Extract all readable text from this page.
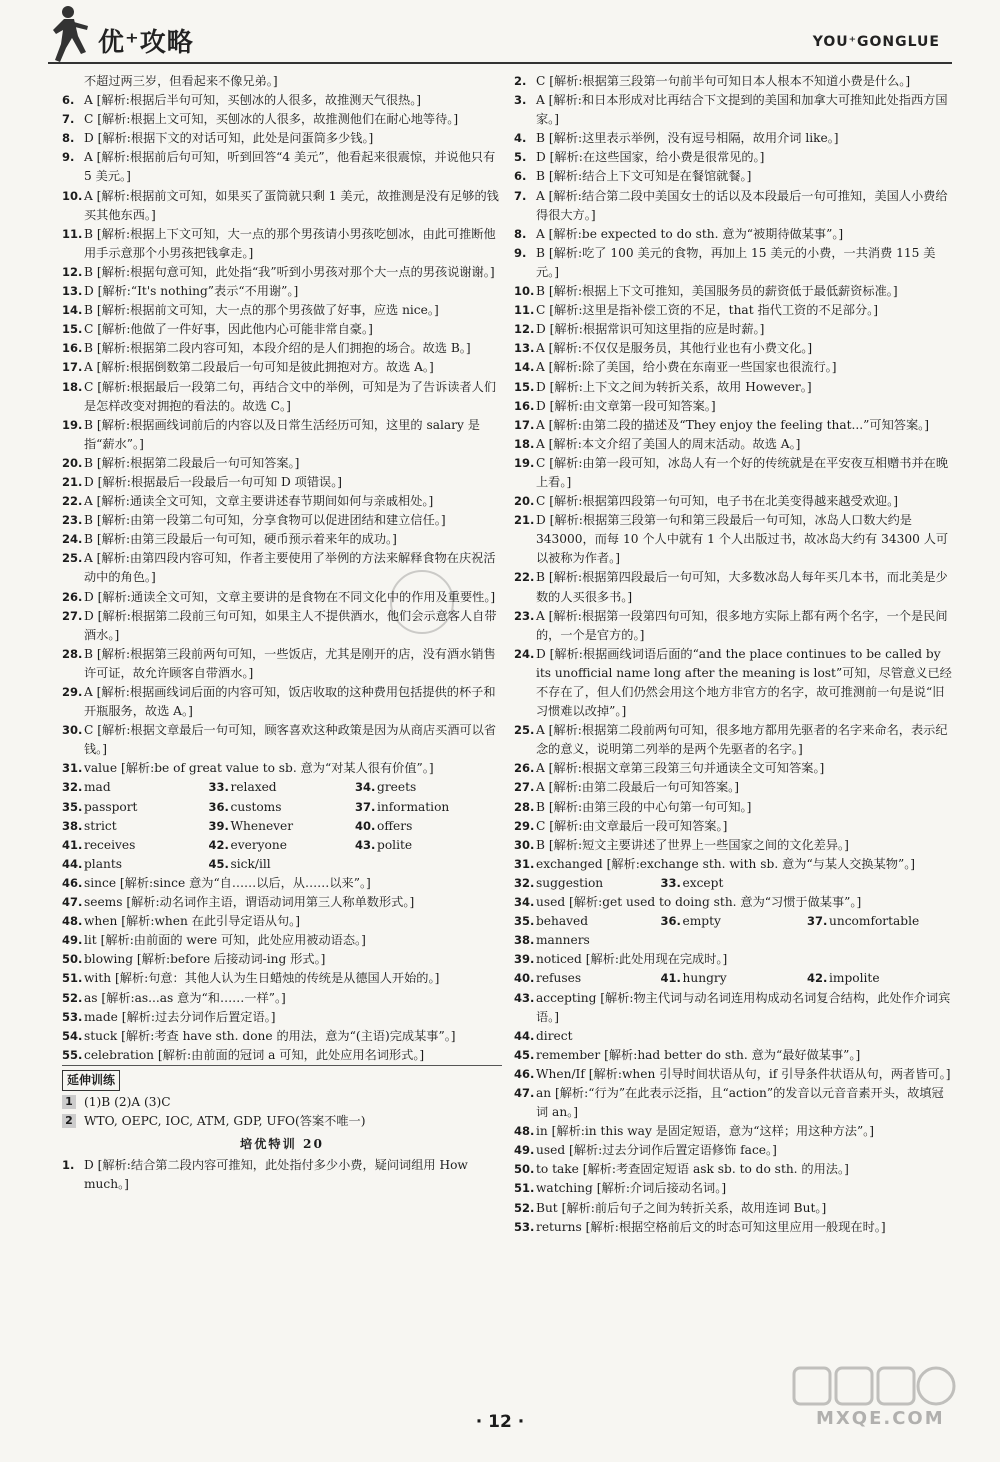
优⁺攻略	YOU⁺GONGLUE
不超过两三岁，但看起来不像兄弟。]
6. A [解析:根据后半句可知，买刨冰的人很多，故推测天气很热。]
7. C [解析:根据上文可知，买刨冰的人很多，故推测他们在耐心地等待。]
8. D [解析:根据下文的对话可知，此处是问蛋筒多少钱。]
9. A [解析:根据前后句可知，听到回答“4 美元”，他看起来很震惊，并说他只有 5 美元。]
10. A [解析:根据前文可知，如果买了蛋筒就只剩 1 美元，故推测是没有足够的钱买其他东西。]
11. B [解析:根据上下文可知，大一点的那个男孩请小男孩吃刨冰，由此可推断他用手示意那个小男孩把钱拿走。]
12. B [解析:根据句意可知，此处指“我”听到小男孩对那个大一点的男孩说谢谢。]
13. D [解析:“It's nothing”表示“不用谢”。]
14. B [解析:根据前文可知，大一点的那个男孩做了好事，应选 nice。]
15. C [解析:他做了一件好事，因此他内心可能非常自豪。]
16. B [解析:根据第二段内容可知，本段介绍的是人们拥抱的场合。故选 B。]
17. A [解析:根据倒数第二段最后一句可知是彼此拥抱对方。故选 A。]
18. C [解析:根据最后一段第二句，再结合文中的举例，可知是为了告诉读者人们是怎样改变对拥抱的看法的。故选 C。]
19. B [解析:根据画线词前后的内容以及日常生活经历可知，这里的 salary 是指“薪水”。]
20. B [解析:根据第二段最后一句可知答案。]
21. D [解析:根据最后一段最后一句可知 D 项错误。]
22. A [解析:通读全文可知，文章主要讲述春节期间如何与亲戚相处。]
23. B [解析:由第一段第二句可知，分享食物可以促进团结和建立信任。]
24. B [解析:由第三段最后一句可知，硬币预示着来年的成功。]
25. A [解析:由第四段内容可知，作者主要使用了举例的方法来解释食物在庆祝活动中的角色。]
26. D [解析:通读全文可知，文章主要讲的是食物在不同文化中的作用及重要性。]
27. D [解析:根据第二段前三句可知，如果主人不提供酒水，他们会示意客人自带酒水。]
28. B [解析:根据第三段前两句可知，一些饭店，尤其是刚开的店，没有酒水销售许可证，故允许顾客自带酒水。]
29. A [解析:根据画线词后面的内容可知，饭店收取的这种费用包括提供的杯子和开瓶服务，故选 A。]
30. C [解析:根据文章最后一句可知，顾客喜欢这种政策是因为从商店买酒可以省钱。]
31. value [解析:be of great value to sb. 意为“对某人很有价值”。]
32. mad	33. relaxed	34. greets
35. passport	36. customs	37. information
38. strict	39. Whenever	40. offers
41. receives	42. everyone	43. polite
44. plants	45. sick/ill
46. since [解析:since 意为“自……以后，从……以来”。]
47. seems [解析:动名词作主语，谓语动词用第三人称单数形式。]
48. when [解析:when 在此引导定语从句。]
49. lit [解析:由前面的 were 可知，此处应用被动语态。]
50. blowing [解析:before 后接动词-ing 形式。]
51. with [解析:句意：其他人认为生日蜡烛的传统是从德国人开始的。]
52. as [解析:as...as 意为“和……一样”。]
53. made [解析:过去分词作后置定语。]
54. stuck [解析:考查 have sth. done 的用法，意为“(主语)完成某事”。]
55. celebration [解析:由前面的冠词 a 可知，此处应用名词形式。]
延伸训练
1 (1)B (2)A (3)C
2 WTO, OEPC, IOC, ATM, GDP, UFO(答案不唯一)
培优特训 20
1. D [解析:结合第二段内容可推知，此处指付多少小费，疑问词组用 How much。]
2. C [解析:根据第三段第一句前半句可知日本人根本不知道小费是什么。]
3. A [解析:和日本形成对比再结合下文提到的美国和加拿大可推知此处指西方国家。]
4. B [解析:这里表示举例，没有逗号相隔，故用介词 like。]
5. D [解析:在这些国家，给小费是很常见的。]
6. B [解析:结合上下文可知是在餐馆就餐。]
7. A [解析:结合第二段中美国女士的话以及本段最后一句可推知，美国人小费给得很大方。]
8. A [解析:be expected to do sth. 意为“被期待做某事”。]
9. B [解析:吃了 100 美元的食物，再加上 15 美元的小费，一共消费 115 美元。]
10. B [解析:根据上下文可推知，美国服务员的薪资低于最低薪资标准。]
11. C [解析:这里是指补偿工资的不足，that 指代工资的不足部分。]
12. D [解析:根据常识可知这里指的应是时薪。]
13. A [解析:不仅仅是服务员，其他行业也有小费文化。]
14. A [解析:除了美国，给小费在东南亚一些国家也很流行。]
15. D [解析:上下文之间为转折关系，故用 However。]
16. D [解析:由文章第一段可知答案。]
17. A [解析:由第二段的描述及“They enjoy the feeling that...”可知答案。]
18. A [解析:本文介绍了美国人的周末活动。故选 A。]
19. C [解析:由第一段可知，冰岛人有一个好的传统就是在平安夜互相赠书并在晚上看。]
20. C [解析:根据第四段第一句可知，电子书在北美变得越来越受欢迎。]
21. D [解析:根据第三段第一句和第三段最后一句可知，冰岛人口数大约是 343000，而每 10 个人中就有 1 个人出版过书，故冰岛大约有 34300 人可以被称为作者。]
22. B [解析:根据第四段最后一句可知，大多数冰岛人每年买几本书，而北美是少数的人买很多书。]
23. A [解析:根据第一段第四句可知，很多地方实际上都有两个名字，一个是民间的，一个是官方的。]
24. D [解析:根据画线词语后面的“and the place continues to be called by its unofficial name long after the meaning is lost”可知，尽管意义已经不存在了，但人们仍然会用这个地方非官方的名字，故可推测前一句是说“旧习惯难以改掉”。]
25. A [解析:根据第二段前两句可知，很多地方都用先驱者的名字来命名，表示纪念的意义，说明第二列举的是两个先驱者的名字。]
26. A [解析:根据文章第三段第三句并通读全文可知答案。]
27. A [解析:由第二段最后一句可知答案。]
28. B [解析:由第三段的中心句第一句可知。]
29. C [解析:由文章最后一段可知答案。]
30. B [解析:短文主要讲述了世界上一些国家之间的文化差异。]
31. exchanged [解析:exchange sth. with sb. 意为“与某人交换某物”。]
32. suggestion	33. except
34. used [解析:get used to doing sth. 意为“习惯于做某事”。]
35. behaved	36. empty	37. uncomfortable
38. manners
39. noticed [解析:此处用现在完成时。]
40. refuses	41. hungry	42. impolite
43. accepting [解析:物主代词与动名词连用构成动名词复合结构，此处作介词宾语。]
44. direct
45. remember [解析:had better do sth. 意为“最好做某事”。]
46. When/If [解析:when 引导时间状语从句，if 引导条件状语从句，两者皆可。]
47. an [解析:“行为”在此表示泛指，且“action”的发音以元音音素开头，故填冠词 an。]
48. in [解析:in this way 是固定短语，意为“这样；用这种方法”。]
49. used [解析:过去分词作后置定语修饰 face。]
50. to take [解析:考查固定短语 ask sb. to do sth. 的用法。]
51. watching [解析:介词后接动名词。]
52. But [解析:前后句子之间为转折关系，故用连词 But。]
53. returns [解析:根据空格前后文的时态可知这里应用一般现在时。]
· 12 ·	MXQE.COM
